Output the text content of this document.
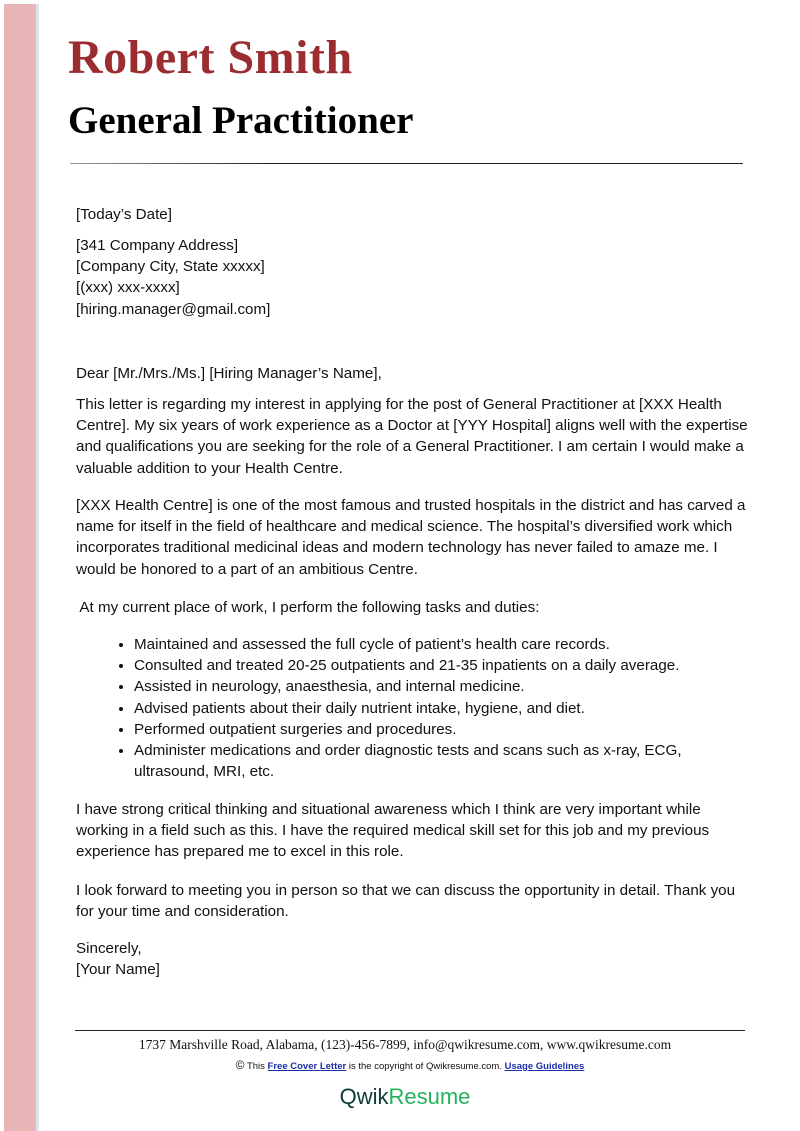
Robert Smith
General Practitioner
[Today’s Date]

[341 Company Address]

[Company City, State xxxxx]

[(xxx) xxx-xxxx]

[hiring.manager@gmail.com]

Dear [Mr./Mrs./Ms.] [Hiring Manager’s Name],
This letter is regarding my interest in applying for the post of General Practitioner at [XXX Health Centre]. My six years of work experience as a Doctor at [YYY Hospital] aligns well with the expertise and qualifications you are seeking for the role of a General Practitioner. I am certain I would make a valuable addition to your Health Centre.
[XXX Health Centre] is one of the most famous and trusted hospitals in the district and has carved a name for itself in the field of healthcare and medical science. The hospital’s diversified work which incorporates traditional medicinal ideas and modern technology has never failed to amaze me. I would be honored to a part of an ambitious Centre.
At my current place of work, I perform the following tasks and duties:
• Maintained and assessed the full cycle of patient’s health care records.
• Consulted and treated 20-25 outpatients and 21-35 inpatients on a daily average.
• Assisted in neurology, anaesthesia, and internal medicine.
• Advised patients about their daily nutrient intake, hygiene, and diet.
• Performed outpatient surgeries and procedures.
• Administer medications and order diagnostic tests and scans such as x-ray, ECG, ultrasound, MRI, etc.
I have strong critical thinking and situational awareness which I think are very important while working in a field such as this. I have the required medical skill set for this job and my previous experience has prepared me to excel in this role.
I look forward to meeting you in person so that we can discuss the opportunity in detail. Thank you for your time and consideration.

Sincerely,

[Your Name]

1737 Marshville Road, Alabama, (123)-456-7899, info@qwikresume.com, www.qwikresume.com
© This Free Cover Letter is the copyright of Qwikresume.com. Usage Guidelines
QwikResume
